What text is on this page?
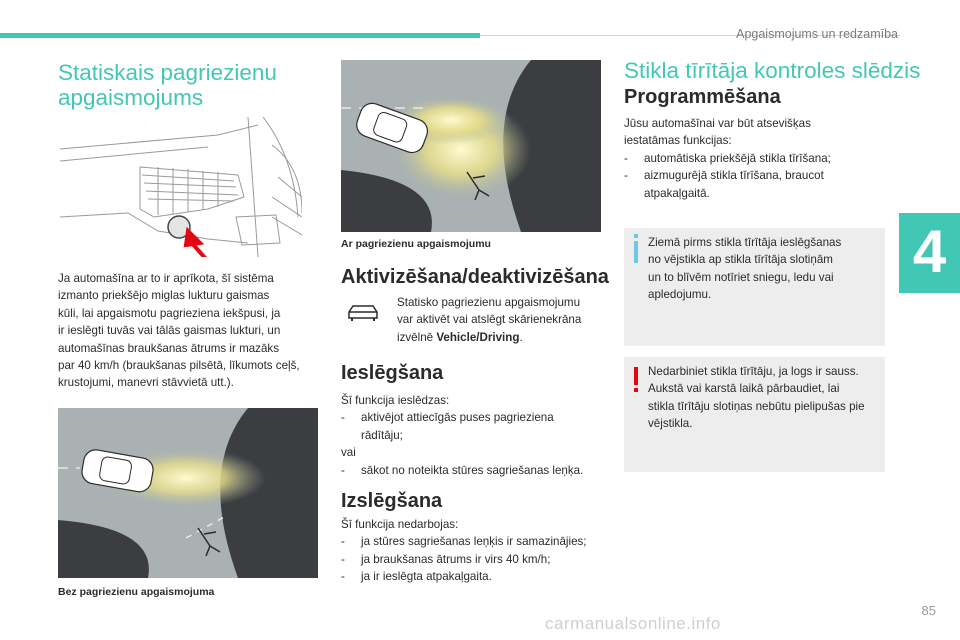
Apgaismojums un redzamība
4
Statiskais pagriezienu
apgaismojums
Ja automašīna ar to ir aprīkota, šī sistēma
izmanto priekšējo miglas lukturu gaismas
kūli, lai apgaismotu pagrieziena iekšpusi, ja
ir ieslēgti tuvās vai tālās gaismas lukturi, un
automašīnas braukšanas ātrums ir mazāks
par 40 km/h (braukšanas pilsētā, līkumots ceļš,
krustojumi, manevri stāvvietā utt.).
Bez pagriezienu apgaismojuma
Ar pagriezienu apgaismojumu
Aktivizēšana/deaktivizēšana
Statisko pagriezienu apgaismojumu
var aktivēt vai atslēgt skārienekrāna
izvēlnē Vehicle/Driving.
Ieslēgšana
Šī funkcija ieslēdzas:
- aktivējot attiecīgās puses pagrieziena
rādītāju;
vai
- sākot no noteikta stūres sagriešanas leņķa.
Izslēgšana
Šī funkcija nedarbojas:
- ja stūres sagriešanas leņķis ir samazinājies;
- ja braukšanas ātrums ir virs 40 km/h;
- ja ir ieslēgta atpakaļgaita.
Stikla tīrītāja kontroles slēdzis
Programmēšana
Jūsu automašīnai var būt atsevišķas
iestatāmas funkcijas:
- automātiska priekšējā stikla tīrīšana;
- aizmugurējā stikla tīrīšana, braucot
atpakaļgaitā.
Ziemā pirms stikla tīrītāja ieslēgšanas
no vējstikla ap stikla tīrītāja slotiņām
un to blīvēm notīriet sniegu, ledu vai
apledojumu.
Nedarbiniet stikla tīrītāju, ja logs ir sauss.
Aukstā vai karstā laikā pārbaudiet, lai
stikla tīrītāju slotiņas nebūtu pielipušas pie
vējstikla.
carmanualsonline.info
85
